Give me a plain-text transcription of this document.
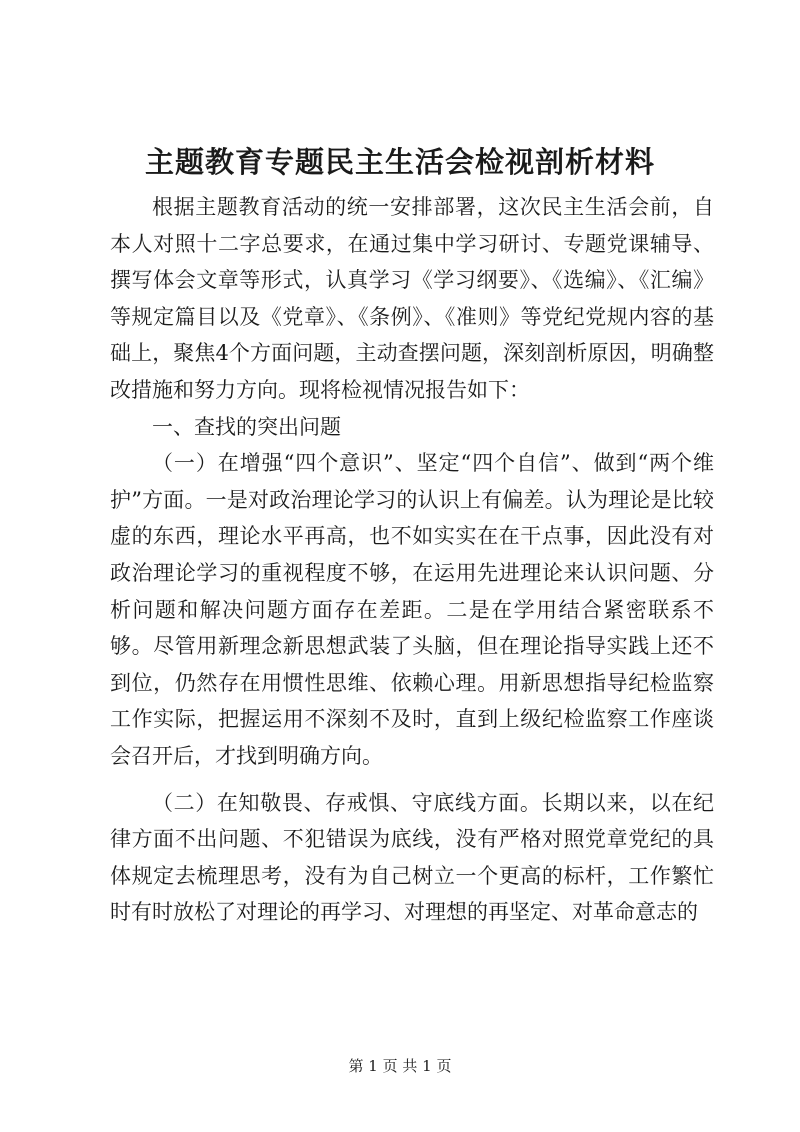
主题教育专题民主生活会检视剖析材料

根据主题教育活动的统一安排部署，这次民主生活会前，自本人对照十二字总要求，在通过集中学习研讨、专题党课辅导、撰写体会文章等形式，认真学习《学习纲要》、《选编》、《汇编》等规定篇目以及《党章》、《条例》、《准则》等党纪党规内容的基础上，聚焦4个方面问题，主动查摆问题，深刻剖析原因，明确整改措施和努力方向。现将检视情况报告如下：

一、查找的突出问题

（一）在增强“四个意识”、坚定“四个自信”、做到“两个维护”方面。一是对政治理论学习的认识上有偏差。认为理论是比较虚的东西，理论水平再高，也不如实实在在干点事，因此没有对政治理论学习的重视程度不够，在运用先进理论来认识问题、分析问题和解决问题方面存在差距。二是在学用结合紧密联系不够。尽管用新理念新思想武装了头脑，但在理论指导实践上还不到位，仍然存在用惯性思维、依赖心理。用新思想指导纪检监察工作实际，把握运用不深刻不及时，直到上级纪检监察工作座谈会召开后，才找到明确方向。

（二）在知敬畏、存戒惧、守底线方面。长期以来，以在纪律方面不出问题、不犯错误为底线，没有严格对照党章党纪的具体规定去梳理思考，没有为自己树立一个更高的标杆，工作繁忙时有时放松了对理论的再学习、对理想的再坚定、对革命意志的

第 1 页 共 1 页
